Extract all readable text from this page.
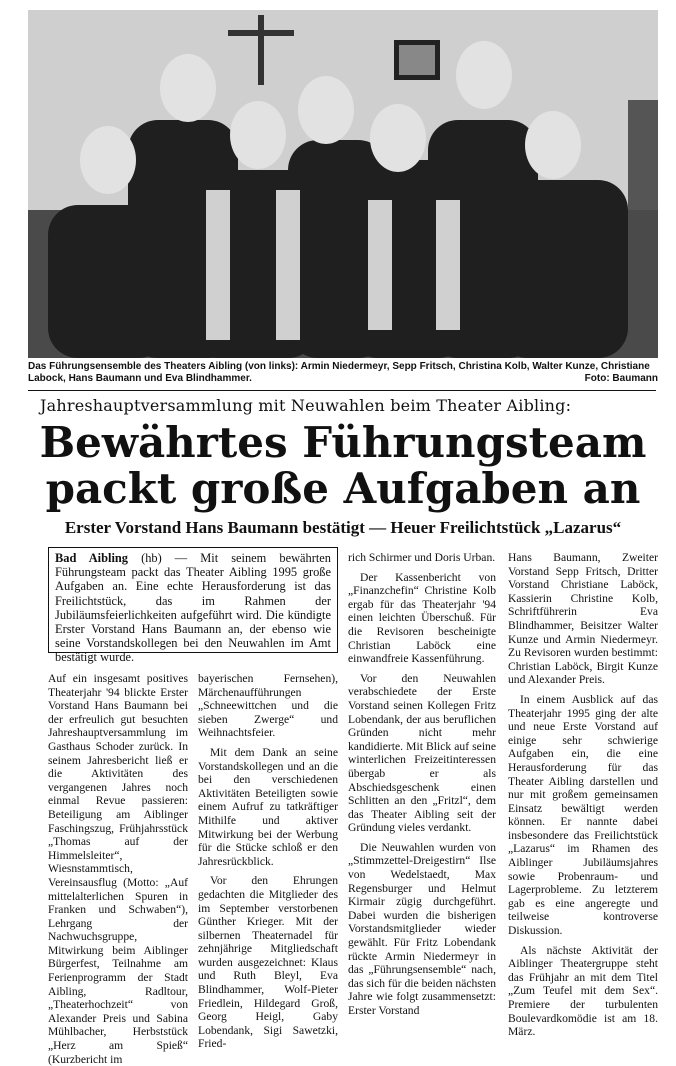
Das Führungsensemble des Theaters Aibling (von links): Armin Niedermeyr, Sepp Fritsch, Christina Kolb, Walter Kunze, Christiane Labock, Hans Baumann und Eva Blindhammer.	Foto: Baumann
Jahreshauptversammlung mit Neuwahlen beim Theater Aibling:
Bewährtes Führungsteam
packt große Aufgaben an
Erster Vorstand Hans Baumann bestätigt — Heuer Freilichtstück „Lazarus“
Bad Aibling (hb) — Mit seinem bewährten Führungsteam packt das Theater Aibling 1995 große Aufgaben an. Eine echte Herausforderung ist das Freilichtstück, das im Rahmen der Jubiläumsfeierlichkeiten aufgeführt wird. Die kündigte Erster Vorstand Hans Baumann an, der ebenso wie seine Vorstandskollegen bei den Neuwahlen im Amt bestätigt wurde.

Auf ein insgesamt positives Theaterjahr '94 blickte Erster Vorstand Hans Baumann bei der erfreulich gut besuchten Jahreshauptversammlung im Gasthaus Schoder zurück. In seinem Jahresbericht ließ er die Aktivitäten des vergangenen Jahres noch einmal Revue passieren: Beteiligung am Aiblinger Faschingszug, Frühjahrsstück „Thomas auf der Himmelsleiter“, Wiesnstammtisch, Vereinsausflug (Motto: „Auf mittelalterlichen Spuren in Franken und Schwaben“), Lehrgang der Nachwuchsgruppe, Mitwirkung beim Aiblinger Bürgerfest, Teilnahme am Ferienprogramm der Stadt Aibling, Radltour, „Theaterhochzeit“ von Alexander Preis und Sabina Mühlbacher, Herbststück „Herz am Spieß“ (Kurzbericht im

bayerischen Fernsehen), Märchenaufführungen „Schneewittchen und die sieben Zwerge“ und Weihnachtsfeier.

Mit dem Dank an seine Vorstandskollegen und an die bei den verschiedenen Aktivitäten Beteiligten sowie einem Aufruf zu tatkräftiger Mithilfe und aktiver Mitwirkung bei der Werbung für die Stücke schloß er den Jahresrückblick.

Vor den Ehrungen gedachten die Mitglieder des im September verstorbenen Günther Krieger. Mit der silbernen Theaternadel für zehnjährige Mitgliedschaft wurden ausgezeichnet: Klaus und Ruth Bleyl, Eva Blindhammer, Wolf-Pieter Friedlein, Hildegard Groß, Georg Heigl, Gaby Lobendank, Sigi Sawetzki, Fried-

rich Schirmer und Doris Urban.

Der Kassenbericht von „Finanzchefin“ Christine Kolb ergab für das Theaterjahr '94 einen leichten Überschuß. Für die Revisoren bescheinigte Christian Laböck eine einwandfreie Kassenführung.

Vor den Neuwahlen verabschiedete der Erste Vorstand seinen Kollegen Fritz Lobendank, der aus beruflichen Gründen nicht mehr kandidierte. Mit Blick auf seine winterlichen Freizeitinteressen übergab er als Abschiedsgeschenk einen Schlitten an den „Fritzl“, dem das Theater Aibling seit der Gründung vieles verdankt.

Die Neuwahlen wurden von „Stimmzettel-Dreigestirn“ Ilse von Wedelstaedt, Max Regensburger und Helmut Kirmair zügig durchgeführt. Dabei wurden die bisherigen Vorstandsmitglieder wieder gewählt. Für Fritz Lobendank rückte Armin Niedermeyr in das „Führungsensemble“ nach, das sich für die beiden nächsten Jahre wie folgt zusammensetzt: Erster Vorstand

Hans Baumann, Zweiter Vorstand Sepp Fritsch, Dritter Vorstand Christiane Laböck, Kassierin Christine Kolb, Schriftführerin Eva Blindhammer, Beisitzer Walter Kunze und Armin Niedermeyr. Zu Revisoren wurden bestimmt: Christian Laböck, Birgit Kunze und Alexander Preis.

In einem Ausblick auf das Theaterjahr 1995 ging der alte und neue Erste Vorstand auf einige sehr schwierige Aufgaben ein, die eine Herausforderung für das Theater Aibling darstellen und nur mit großem gemeinsamen Einsatz bewältigt werden können. Er nannte dabei insbesondere das Freilichtstück „Lazarus“ im Rhamen des Aiblinger Jubiläumsjahres sowie Probenraum- und Lagerprobleme. Zu letzterem gab es eine angeregte und teilweise kontroverse Diskussion.

Als nächste Aktivität der Aiblinger Theatergruppe steht das Frühjahr an mit dem Titel „Zum Teufel mit dem Sex“. Premiere der turbulenten Boulevardkomödie ist am 18. März.
